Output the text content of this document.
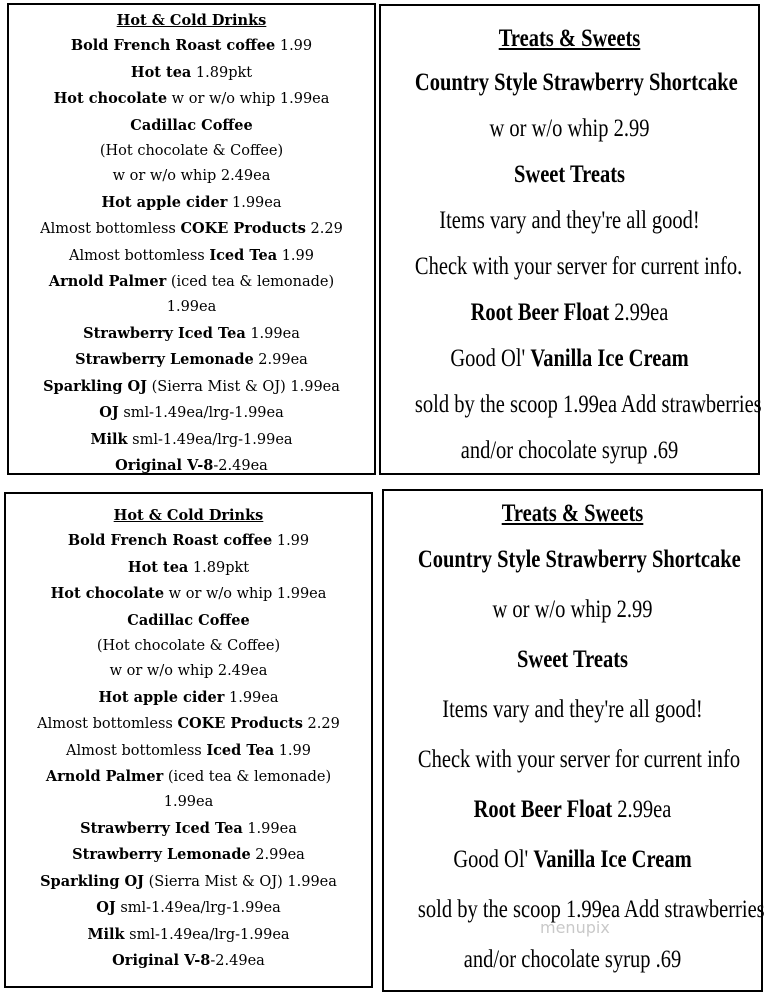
Hot & Cold Drinks
Bold French Roast coffee 1.99
Hot tea 1.89pkt
Hot chocolate w or w/o whip 1.99ea
Cadillac Coffee
(Hot chocolate & Coffee)
w or w/o whip 2.49ea
Hot apple cider 1.99ea
Almost bottomless COKE Products 2.29
Almost bottomless Iced Tea 1.99
Arnold Palmer (iced tea & lemonade)
1.99ea
Strawberry Iced Tea 1.99ea
Strawberry Lemonade 2.99ea
Sparkling OJ (Sierra Mist & OJ) 1.99ea
OJ sml-1.49ea/lrg-1.99ea
Milk sml-1.49ea/lrg-1.99ea
Original V-8-2.49ea
Treats & Sweets
Country Style Strawberry Shortcake
w or w/o whip 2.99
Sweet Treats
Items vary and they're all good!
Check with your server for current info.
Root Beer Float 2.99ea
Good Ol' Vanilla Ice Cream
sold by the scoop 1.99ea Add strawberries
and/or chocolate syrup .69
Hot & Cold Drinks
Bold French Roast coffee 1.99
Hot tea 1.89pkt
Hot chocolate w or w/o whip 1.99ea
Cadillac Coffee
(Hot chocolate & Coffee)
w or w/o whip 2.49ea
Hot apple cider 1.99ea
Almost bottomless COKE Products 2.29
Almost bottomless Iced Tea 1.99
Arnold Palmer (iced tea & lemonade)
1.99ea
Strawberry Iced Tea 1.99ea
Strawberry Lemonade 2.99ea
Sparkling OJ (Sierra Mist & OJ) 1.99ea
OJ sml-1.49ea/lrg-1.99ea
Milk sml-1.49ea/lrg-1.99ea
Original V-8-2.49ea
Treats & Sweets
Country Style Strawberry Shortcake
w or w/o whip 2.99
Sweet Treats
Items vary and they're all good!
Check with your server for current info
Root Beer Float 2.99ea
Good Ol' Vanilla Ice Cream
sold by the scoop 1.99ea Add strawberries
and/or chocolate syrup .69
menupix
